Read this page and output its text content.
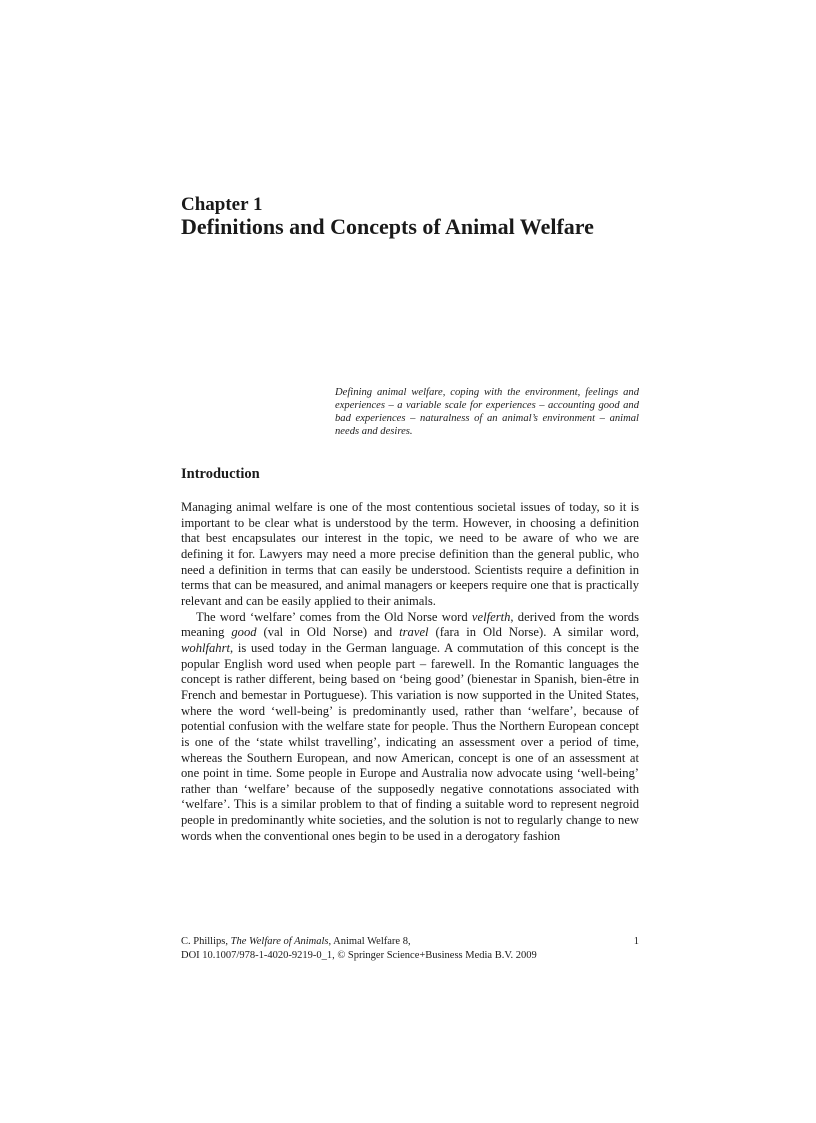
Chapter 1
Definitions and Concepts of Animal Welfare

Defining animal welfare, coping with the environment, feelings and experiences – a variable scale for experiences – accounting good and bad experiences – naturalness of an animal’s environment – animal needs and desires.

Introduction

Managing animal welfare is one of the most contentious societal issues of today, so it is important to be clear what is understood by the term. However, in choosing a definition that best encapsulates our interest in the topic, we need to be aware of who we are defining it for. Lawyers may need a more precise definition than the general public, who need a definition in terms that can easily be understood. Scientists require a definition in terms that can be measured, and animal managers or keepers require one that is practically relevant and can be easily applied to their animals.

The word ‘welfare’ comes from the Old Norse word velferth, derived from the words meaning good (val in Old Norse) and travel (fara in Old Norse). A similar word, wohlfahrt, is used today in the German language. A commutation of this concept is the popular English word used when people part – farewell. In the Romantic languages the concept is rather different, being based on ‘being good’ (bienestar in Spanish, bien-être in French and bemestar in Portuguese). This variation is now supported in the United States, where the word ‘well-being’ is predominantly used, rather than ‘welfare’, because of potential confusion with the welfare state for people. Thus the Northern European concept is one of the ‘state whilst travelling’, indicating an assessment over a period of time, whereas the Southern European, and now American, concept is one of an assessment at one point in time. Some people in Europe and Australia now advocate using ‘well-being’ rather than ‘welfare’ because of the supposedly negative connotations associated with ‘welfare’. This is a similar problem to that of finding a suitable word to represent negroid people in predominantly white societies, and the solution is not to regularly change to new words when the conventional ones begin to be used in a derogatory fashion

C. Phillips, The Welfare of Animals, Animal Welfare 8,	1
DOI 10.1007/978-1-4020-9219-0_1, © Springer Science+Business Media B.V. 2009
